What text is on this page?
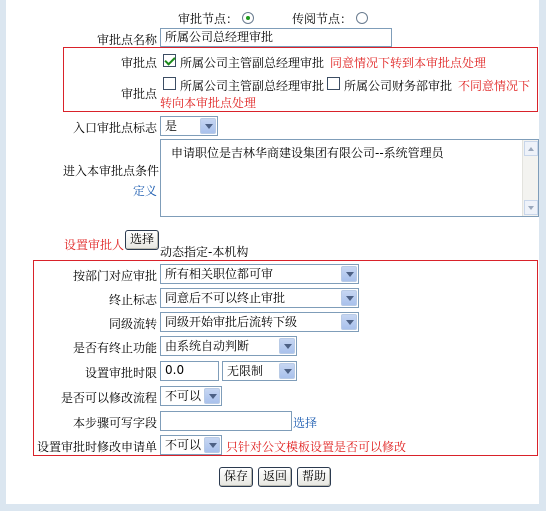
审批节点：	传阅节点：
审批点名称 所属公司总经理审批
审批点 所属公司主管副总经理审批 同意情况下转到本审批点处理
审批点
所属公司主管副总经理审批 所属公司财务部审批 不同意情况下
转向本审批点处理
入口审批点标志 是
进入本审批点条件
定义
申请职位是吉林华商建设集团有限公司--系统管理员
设置审批人 选择
动态指定-本机构
按部门对应审批 所有相关职位都可审
终止标志 同意后不可以终止审批
同级流转 同级开始审批后流转下级
是否有终止功能 由系统自动判断
设置审批时限 0.0	无限制
是否可以修改流程 不可以
本步骤可写字段	选择
设置审批时修改申请单 不可以	只针对公文模板设置是否可以修改
保存	返回	帮助
